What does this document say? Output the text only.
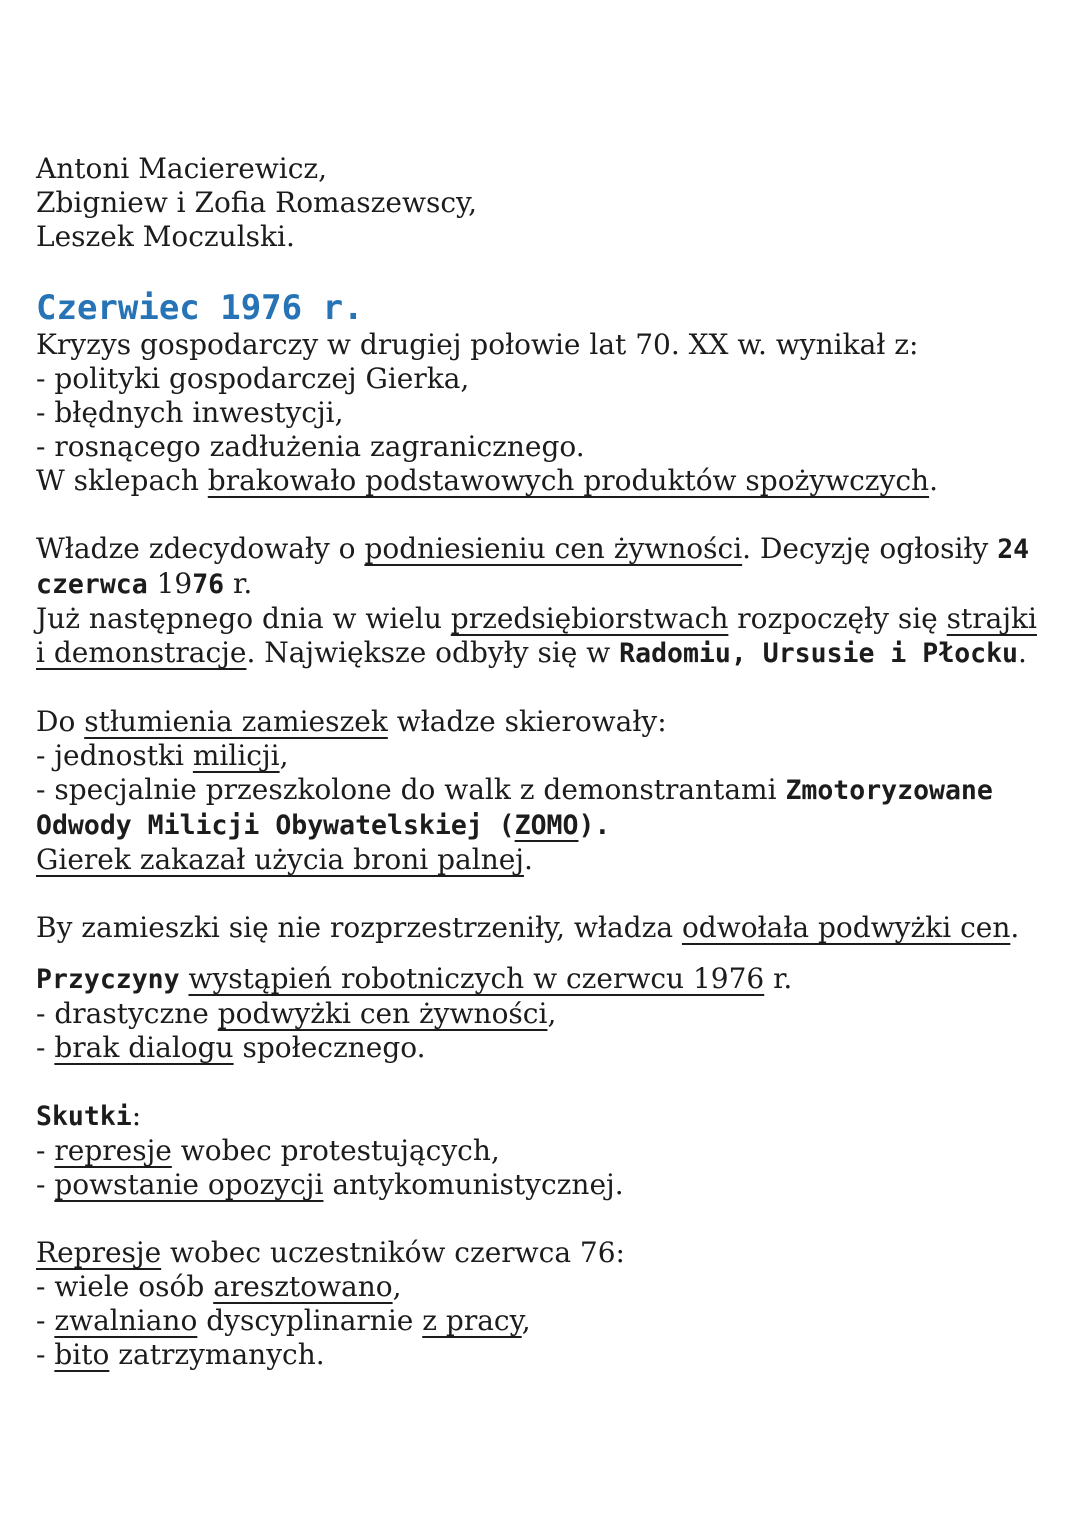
Antoni Macierewicz,

Zbigniew i Zofia Romaszewscy,

Leszek Moczulski.

Czerwiec 1976 r.

Kryzys gospodarczy w drugiej połowie lat 70. XX w. wynikał z:

- polityki gospodarczej Gierka,

- błędnych inwestycji,

- rosnącego zadłużenia zagranicznego.

W sklepach brakowało podstawowych produktów spożywczych.

Władze zdecydowały o podniesieniu cen żywności. Decyzję ogłosiły 24

czerwca 1976 r.

Już następnego dnia w wielu przedsiębiorstwach rozpoczęły się strajki

i demonstracje. Największe odbyły się w Radomiu, Ursusie i Płocku.

Do stłumienia zamieszek władze skierowały:

- jednostki milicji,

- specjalnie przeszkolone do walk z demonstrantami Zmotoryzowane

Odwody Milicji Obywatelskiej (ZOMO).

Gierek zakazał użycia broni palnej.

By zamieszki się nie rozprzestrzeniły, władza odwołała podwyżki cen.

Przyczyny wystąpień robotniczych w czerwcu 1976 r.

- drastyczne podwyżki cen żywności,

- brak dialogu społecznego.

Skutki:

- represje wobec protestujących,

- powstanie opozycji antykomunistycznej.

Represje wobec uczestników czerwca 76:

- wiele osób aresztowano,

- zwalniano dyscyplinarnie z pracy,

- bito zatrzymanych.
